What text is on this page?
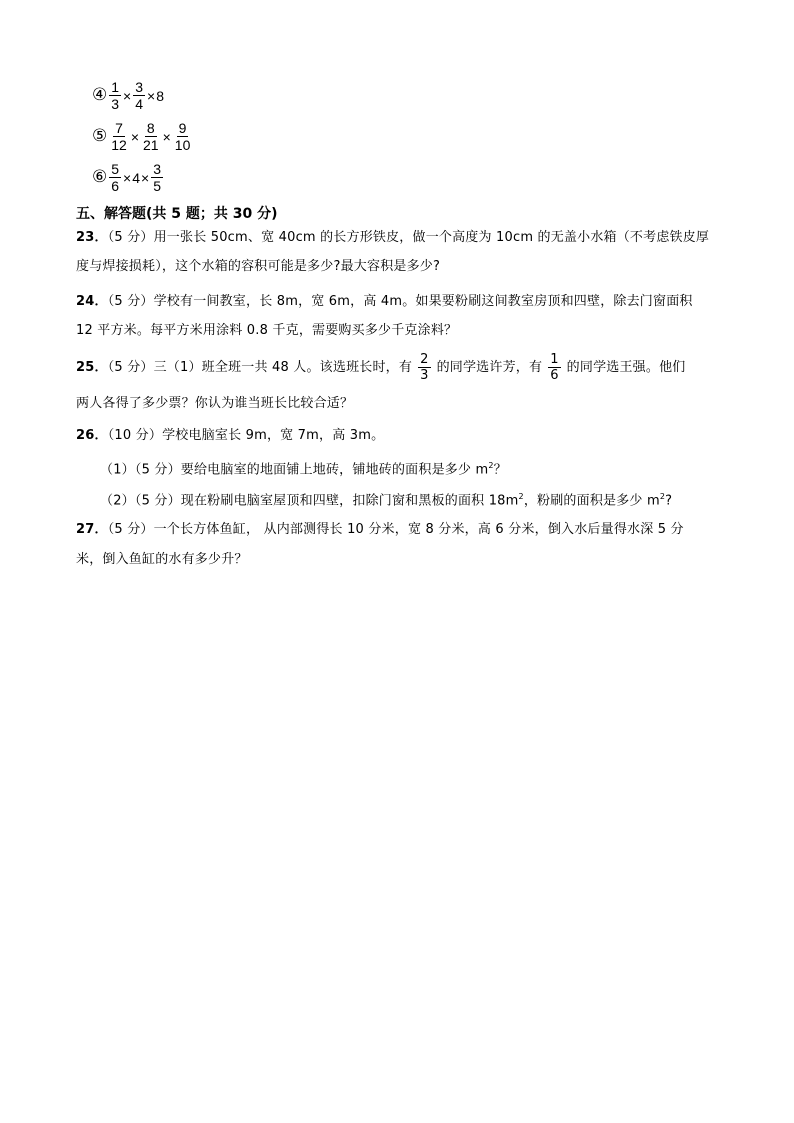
④ $\frac{1}{3} \times \frac{3}{4} \times 8$
⑤ $\frac{7}{12} \times \frac{8}{21} \times \frac{9}{10}$
⑥ $\frac{5}{6} \times 4 \times \frac{3}{5}$
五、解答题(共 5 题；共 30 分)
23．（5 分）用一张长 50cm、宽 40cm 的长方形铁皮，做一个高度为 10cm 的无盖小水箱（不考虑铁皮厚
度与焊接损耗），这个水箱的容积可能是多少?最大容积是多少?
24．（5 分）学校有一间教室，长 8m，宽 6m，高 4m。如果要粉刷这间教室房顶和四壁，除去门窗面积
12 平方米。每平方米用涂料 0.8 千克，需要购买多少千克涂料？
25．（5 分）三（1）班全班一共 48 人。该选班长时，有 $\frac{2}{3}$ 的同学选许芳，有 $\frac{1}{6}$ 的同学选王强。他们
两人各得了多少票？你认为谁当班长比较合适？
26．（10 分）学校电脑室长 9m，宽 7m，高 3m。
（1）（5 分）要给电脑室的地面铺上地砖，铺地砖的面积是多少 $m^2$？
（2）（5 分）现在粉刷电脑室屋顶和四壁，扣除门窗和黑板的面积 $18m^2$，粉刷的面积是多少 $m^2$?
27．（5 分）一个长方体鱼缸， 从内部测得长 10 分米，宽 8 分米，高 6 分米，倒入水后量得水深 5 分
米，倒入鱼缸的水有多少升？
